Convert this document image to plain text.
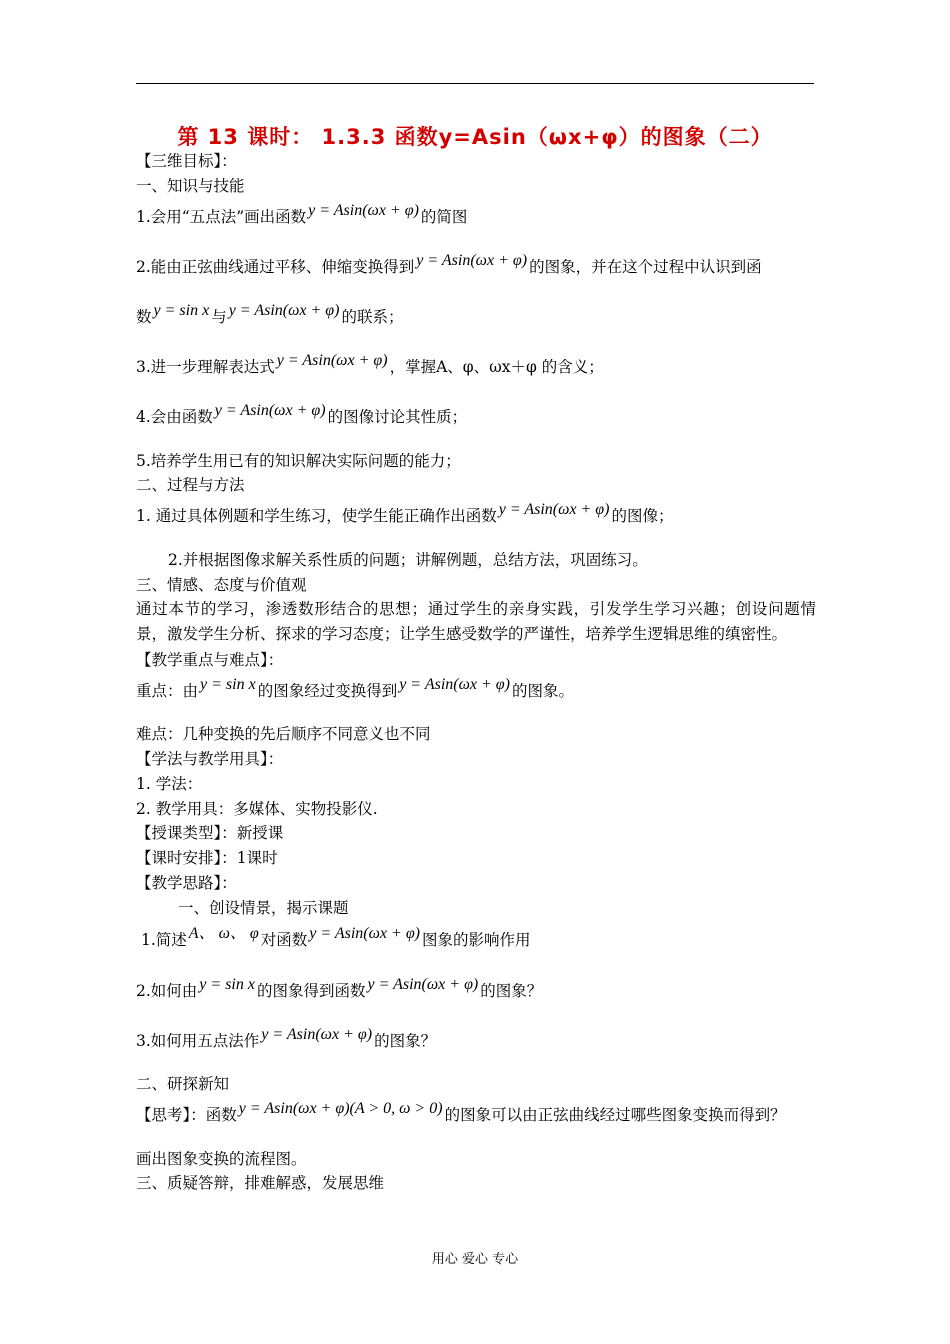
第 13 课时： 1.3.3 函数y=Asin（ωx+φ）的图象（二）
【三维目标】：
一、知识与技能
1.会用“五点法”画出函数 y = Asin(ωx + φ) 的简图
2.能由正弦曲线通过平移、伸缩变换得到 y = Asin(ωx + φ) 的图象，并在这个过程中认识到函
数 y = sin x 与 y = Asin(ωx + φ) 的联系；
3.进一步理解表达式 y = Asin(ωx + φ) ，掌握A、φ、ωx＋φ 的含义；
4.会由函数 y = Asin(ωx + φ) 的图像讨论其性质；
5.培养学生用已有的知识解决实际问题的能力；
二、过程与方法
1. 通过具体例题和学生练习，使学生能正确作出函数 y = Asin(ωx + φ) 的图像；
2.并根据图像求解关系性质的问题；讲解例题，总结方法，巩固练习。
三、情感、态度与价值观
通过本节的学习，渗透数形结合的思想；通过学生的亲身实践，引发学生学习兴趣；创设问题情景，激发学生分析、探求的学习态度；让学生感受数学的严谨性，培养学生逻辑思维的缜密性。
【教学重点与难点】：
重点：由 y = sin x 的图象经过变换得到 y = Asin(ωx + φ) 的图象。
难点：几种变换的先后顺序不同意义也不同
【学法与教学用具】：
1. 学法：
2. 教学用具：多媒体、实物投影仪.
【授课类型】：新授课
【课时安排】：1课时
【教学思路】：
一、创设情景，揭示课题
1.简述 A、 ω、 φ 对函数 y = Asin(ωx + φ) 图象的影响作用
2.如何由 y = sin x 的图象得到函数 y = Asin(ωx + φ) 的图象？
3.如何用五点法作 y = Asin(ωx + φ) 的图象？
二、研探新知
【思考】：函数 y = Asin(ωx + φ)(A > 0, ω > 0) 的图象可以由正弦曲线经过哪些图象变换而得到？
画出图象变换的流程图。
三、质疑答辩，排难解惑，发展思维
用心 爱心 专心
